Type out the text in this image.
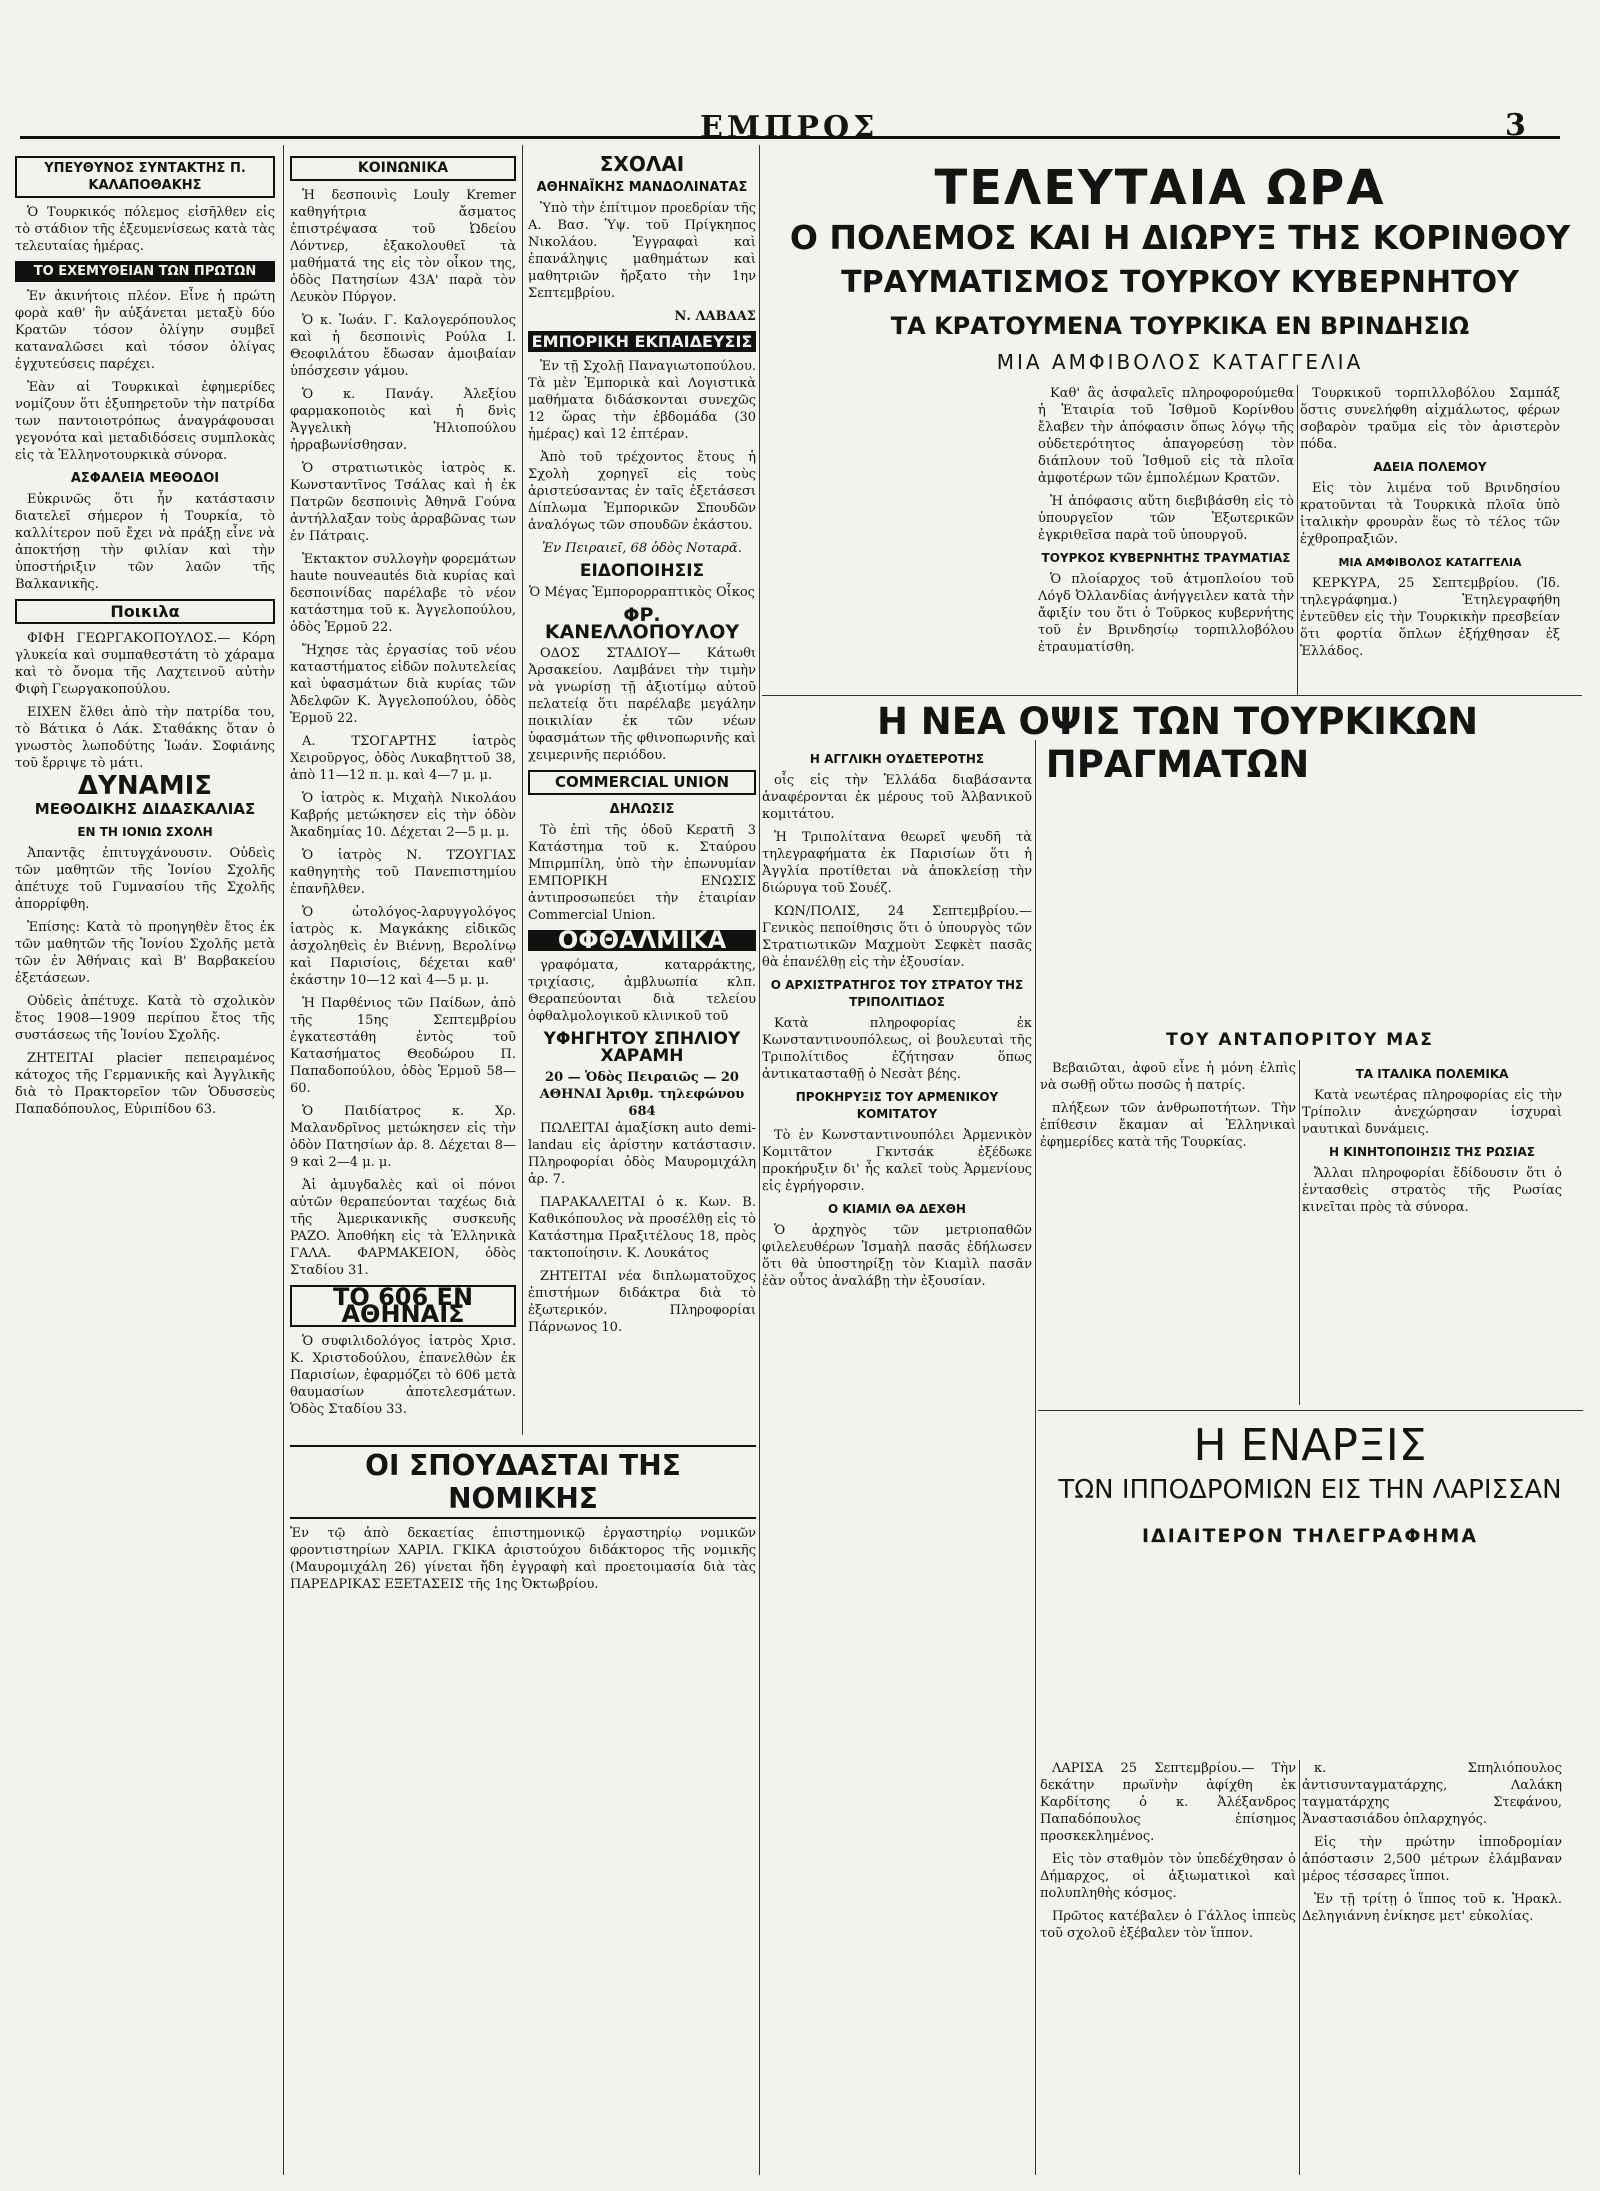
ΕΜΠΡΟΣ	3
ΥΠΕΥΘΥΝΟΣ ΣΥΝΤΑΚΤΗΣ Π. ΚΑΛΑΠΟΘΑΚΗΣ

Ὁ Τουρκικός πόλεμος εἰσῆλθεν εἰς τὸ στάδιον τῆς ἐξευμενίσεως κατὰ τὰς τελευταίας ἡμέρας.

ΤΟ ΕΧΕΜΥΘΕΙΑΝ ΤΩΝ ΠΡΩΤΩΝ

Ἐν ἀκινήτοις πλέον. Εἶνε ἡ πρώτη φορὰ καθ' ἣν αὐξάνεται μεταξὺ δύο Κρατῶν τόσον ὀλίγην συμβεῖ καταναλῶσει καὶ τόσον ὀλίγας ἐγχυτεύσεις παρέχει.

Ἐὰν αἱ Τουρκικαὶ ἐφημερίδες νομίζουν ὅτι ἐξυπηρετοῦν τὴν πατρίδα των παντοιοτρόπως ἀναγράφουσαι γεγονότα καὶ μεταδιδόσεις συμπλοκὰς εἰς τὰ Ἑλληνοτουρκικὰ σύνορα.

ΑΣΦΑΛΕΙΑ ΜΕΘΟΔΟΙ

Εὐκρινῶς ὅτι ἦν κατάστασιν διατελεῖ σήμερον ἡ Τουρκία, τὸ καλλίτερον ποῦ ἔχει νὰ πράξῃ εἶνε νὰ ἀποκτήσῃ τὴν φιλίαν καὶ τὴν ὑποστήριξιν τῶν λαῶν τῆς Βαλκανικῆς.

Ποικιλα

ΦΙΦΗ ΓΕΩΡΓΑΚΟΠΟΥΛΟΣ.— Κόρη γλυκεία καὶ συμπαθεστάτη τὸ χάραμα καὶ τὸ ὄνομα τῆς Λαχτεινοῦ αὐτὴν Φιφὴ Γεωργακοπούλου.

ΕΙΧΕΝ ἔλθει ἀπὸ τὴν πατρίδα του, τὸ Βάτικα ὁ Λάκ. Σταθάκης ὅταν ὁ γνωστὸς λωποδύτης Ἰωάν. Σοφιάνης τοῦ ἔρριψε τὸ μάτι.

ΔΥΝΑΜΙΣ
ΜΕΘΟΔΙΚΗΣ ΔΙΔΑΣΚΑΛΙΑΣ
ΕΝ ΤΗ ΙΟΝΙΩ ΣΧΟΛΗ

Ἀπαντᾷς ἐπιτυγχάνουσιν. Οὐδεὶς τῶν μαθητῶν τῆς Ἰονίου Σχολῆς ἀπέτυχε τοῦ Γυμνασίου τῆς Σχολῆς ἀπορρίφθη.

Ἐπίσης: Κατὰ τὸ προηγηθὲν ἔτος ἐκ τῶν μαθητῶν τῆς Ἰονίου Σχολῆς μετὰ τῶν ἐν Ἀθήναις καὶ Β' Βαρβακείου ἐξετάσεων.

Οὐδεὶς ἀπέτυχε. Κατὰ τὸ σχολικὸν ἔτος 1908—1909 περίπου ἔτος τῆς συστάσεως τῆς Ἰονίου Σχολῆς.

ΖΗΤΕΙΤΑΙ placier πεπειραμένος κάτοχος τῆς Γερμανικῆς καὶ Ἀγγλικῆς διὰ τὸ Πρακτορεῖον τῶν Ὁδυσσεὺς Παπαδόπουλος, Εὐριπίδου 63.

ΚΟΙΝΩΝΙΚΑ

Ἡ δεσποινὶς Louly Kremer καθηγήτρια ἄσματος ἐπιστρέψασα τοῦ Ὠδείου Λόντνερ, ἐξακολουθεῖ τὰ μαθήματά της εἰς τὸν οἶκον της, ὁδὸς Πατησίων 43Α' παρὰ τὸν Λευκὸν Πύργον.

Ὁ κ. Ἰωάν. Γ. Καλογερόπουλος καὶ ἡ δεσποινὶς Ρούλα Ι. Θεοφιλάτου ἔδωσαν ἀμοιβαίαν ὑπόσχεσιν γάμου.

Ὁ κ. Πανάγ. Ἀλεξίου φαρμακοποιὸς καὶ ἡ δνὶς Ἀγγελικὴ Ἠλιοπούλου ἠρραβωνίσθησαν.

Ὁ στρατιωτικὸς ἰατρὸς κ. Κωνσταντῖνος Τσάλας καὶ ἡ ἐκ Πατρῶν δεσποινὶς Ἀθηνᾶ Γούνα ἀντήλλαξαν τοὺς ἀρραβῶνας των ἐν Πάτραις.

Ἐκτακτον συλλογὴν φορεμάτων haute nouveautés διὰ κυρίας καὶ δεσποινίδας παρέλαβε τὸ νέον κατάστημα τοῦ κ. Ἀγγελοπούλου, ὁδὸς Ἑρμοῦ 22.

Ἤχησε τὰς ἐργασίας τοῦ νέου καταστήματος εἰδῶν πολυτελείας καὶ ὑφασμάτων διὰ κυρίας τῶν Ἀδελφῶν Κ. Ἀγγελοπούλου, ὁδὸς Ἑρμοῦ 22.

Α. ΤΣΟΓΑΡΤΗΣ ἰατρὸς Χειροῦργος, ὁδὸς Λυκαβηττοῦ 38, ἀπὸ 11—12 π. μ. καὶ 4—7 μ. μ.

Ὁ ἰατρὸς κ. Μιχαὴλ Νικολάου Καβρής μετώκησεν εἰς τὴν ὁδὸν Ἀκαδημίας 10. Δέχεται 2—5 μ. μ.

Ὁ ἰατρὸς Ν. ΤΖΟΥΓΙΑΣ καθηγητὴς τοῦ Πανεπιστημίου ἐπανῆλθεν.

Ὁ ὠτολόγος-λαρυγγολόγος ἰατρὸς κ. Μαγκάκης εἰδικῶς ἀσχοληθεὶς ἐν Βιέννῃ, Βερολίνῳ καὶ Παρισίοις, δέχεται καθ' ἑκάστην 10—12 καὶ 4—5 μ. μ.

Ἡ Παρθένιος τῶν Παίδων, ἀπὸ τῆς 15ης Σεπτεμβρίου ἐγκατεστάθη ἐντὸς τοῦ Κατασήματος Θεοδώρου Π. Παπαδοπούλου, ὁδὸς Ἑρμοῦ 58—60.

Ὁ Παιδίατρος κ. Χρ. Μαλανδρῖνος μετώκησεν εἰς τὴν ὁδὸν Πατησίων ἀρ. 8. Δέχεται 8—9 καὶ 2—4 μ. μ.

Ἀἱ ἀμυγδαλὲς καὶ οἱ πόνοι αὐτῶν θεραπεύονται ταχέως διὰ τῆς Ἀμερικανικῆς συσκευῆς PAZO. Ἀποθήκη εἰς τὰ Ἐλληνικὰ ΓΑΛΑ. ΦΑΡΜΑΚΕΙΟΝ, ὁδὸς Σταδίου 31.

ΤΟ 606 ΕΝ ΑΘΗΝΑΙΣ

Ὁ συφιλιδολόγος ἰατρὸς Χρισ. Κ. Χριστοδούλου, ἐπανελθὼν ἐκ Παρισίων, ἐφαρμόζει τὸ 606 μετὰ θαυμασίων ἀποτελεσμάτων. Ὁδὸς Σταδίου 33.

ΣΧΟΛΑΙ
ΑΘΗΝΑΪΚΗΣ ΜΑΝΔΟΛΙΝΑΤΑΣ

Ὑπὸ τὴν ἐπίτιμον προεδρίαν τῆς Α. Βασ. Ὑψ. τοῦ Πρίγκηπος Νικολάου. Ἐγγραφαὶ καὶ ἐπανάληψις μαθημάτων καὶ μαθητριῶν ἤρξατο τὴν 1ην Σεπτεμβρίου.

Ν. ΛΑΒΔΑΣ
ΕΜΠΟΡΙΚΗ ΕΚΠΑΙΔΕΥΣΙΣ

Ἐν τῇ Σχολῇ Παναγιωτοπούλου. Τὰ μὲν Ἐμπορικὰ καὶ Λογιστικὰ μαθήματα διδάσκονται συνεχῶς 12 ὥρας τὴν ἑβδομάδα (30 ἡμέρας) καὶ 12 ἐπτέραν.

Ἀπὸ τοῦ τρέχοντος ἔτους ἡ Σχολὴ χορηγεῖ εἰς τοὺς ἀριστεύσαντας ἐν ταῖς ἐξετάσεσι Δίπλωμα Ἐμπορικῶν Σπουδῶν ἀναλόγως τῶν σπουδῶν ἐκάστου.

Ἐν Πειραιεῖ, 68 ὁδὸς Νοταρᾶ.
ΕΙΔΟΠΟΙΗΣΙΣ
Ὁ Μέγας Ἐμπορορραπτικὸς Οἶκος
ΦΡ. ΚΑΝΕΛΛΟΠΟΥΛΟΥ

ΟΔΟΣ ΣΤΑΔΙΟΥ— Κάτωθι Ἀρσακείου. Λαμβάνει τὴν τιμὴν νὰ γνωρίσῃ τῇ ἀξιοτίμῳ αὐτοῦ πελατείᾳ ὅτι παρέλαβε μεγάλην ποικιλίαν ἐκ τῶν νέων ὑφασμάτων τῆς φθινοπωρινῆς καὶ χειμερινῆς περιόδου.

COMMERCIAL UNION
ΔΗΛΩΣΙΣ

Τὸ ἐπὶ τῆς ὁδοῦ Κερατῆ 3 Κατάστημα τοῦ κ. Σταύρου Μπιρμπίλη, ὑπὸ τὴν ἐπωνυμίαν ΕΜΠΟΡΙΚΗ ΕΝΩΣΙΣ ἀντιπροσωπεύει τὴν ἑταιρίαν Commercial Union.

ΟΦΘΑΛΜΙΚΑ

γραφόματα, καταρράκτης, τριχίασις, ἀμβλυωπία κλπ. Θεραπεύονται διὰ τελείου ὀφθαλμολογικοῦ κλινικοῦ τοῦ

ΥΦΗΓΗΤΟΥ ΣΠΗΛΙΟΥ ΧΑΡΑΜΗ
20 — Ὁδὸς Πειραιῶς — 20 ΑΘΗΝΑΙ Ἀριθμ. τηλεφώνου 684

ΠΩΛΕΙΤΑΙ ἀμαξίσκη auto demi-landau εἰς ἀρίστην κατάστασιν. Πληροφορίαι ὁδὸς Μαυρομιχάλη ἀρ. 7.

ΠΑΡΑΚΑΛΕΙΤΑΙ ὁ κ. Κων. Β. Καθικόπουλος νὰ προσέλθῃ εἰς τὸ Κατάστημα Πραξιτέλους 18, πρὸς τακτοποίησιν. Κ. Λουκάτος

ΖΗΤΕΙΤΑΙ νέα διπλωματοῦχος ἐπιστήμων διδάκτρα διὰ τὸ ἐξωτερικόν. Πληροφορίαι Πάρνωνος 10.

ΟΙ ΣΠΟΥΔΑΣΤΑΙ ΤΗΣ ΝΟΜΙΚΗΣ
Ἐν τῷ ἀπὸ δεκαετίας ἐπιστημονικῷ ἐργαστηρίῳ νομικῶν φροντιστηρίων ΧΑΡΙΛ. ΓΚΙΚΑ ἀριστούχου διδάκτορος τῆς νομικῆς (Μαυρομιχάλη 26) γίνεται ἤδη ἐγγραφὴ καὶ προετοιμασία διὰ τὰς ΠΑΡΕΔΡΙΚΑΣ ΕΞΕΤΑΣΕΙΣ τῆς 1ης Ὀκτωβρίου.
ΤΕΛΕΥΤΑΙΑ ΩΡΑ
Ο ΠΟΛΕΜΟΣ ΚΑΙ Η ΔΙΩΡΥΞ ΤΗΣ ΚΟΡΙΝΘΟΥ
ΤΡΑΥΜΑΤΙΣΜΟΣ ΤΟΥΡΚΟΥ ΚΥΒΕΡΝΗΤΟΥ
ΤΑ ΚΡΑΤΟΥΜΕΝΑ ΤΟΥΡΚΙΚΑ ΕΝ ΒΡΙΝΔΗΣΙΩ
ΜΙΑ ΑΜΦΙΒΟΛΟΣ ΚΑΤΑΓΓΕΛΙΑ

Καθ' ἃς ἀσφαλεῖς πληροφορούμεθα ἡ Ἑταιρία τοῦ Ἰσθμοῦ Κορίνθου ἔλαβεν τὴν ἀπόφασιν ὅπως λόγῳ τῆς οὐδετερότητος ἀπαγορεύσῃ τὸν διάπλουν τοῦ Ἰσθμοῦ εἰς τὰ πλοῖα ἀμφοτέρων τῶν ἐμπολέμων Κρατῶν.

Ἡ ἀπόφασις αὕτη διεβιβάσθη εἰς τὸ ὑπουργεῖον τῶν Ἐξωτερικῶν ἐγκριθεῖσα παρὰ τοῦ ὑπουργοῦ.

ΤΟΥΡΚΟΣ ΚΥΒΕΡΝΗΤΗΣ ΤΡΑΥΜΑΤΙΑΣ

Ὁ πλοίαρχος τοῦ ἀτμοπλοίου τοῦ Λόγδ Ὀλλανδίας ἀνήγγειλεν κατὰ τὴν ἄφιξίν του ὅτι ὁ Τοῦρκος κυβερνήτης τοῦ ἐν Βρινδησίῳ τορπιλλοβόλου ἐτραυματίσθη.

Τουρκικοῦ τορπιλλοβόλου Σαμπάξ ὅστις συνελήφθη αἰχμάλωτος, φέρων σοβαρὸν τραῦμα εἰς τὸν ἀριστερὸν πόδα.

ΑΔΕΙΑ ΠΟΛΕΜΟΥ

Εἰς τὸν λιμένα τοῦ Βρινδησίου κρατοῦνται τὰ Τουρκικὰ πλοῖα ὑπὸ ἰταλικὴν φρουρὰν ἕως τὸ τέλος τῶν ἐχθροπραξιῶν.

ΜΙΑ ΑΜΦΙΒΟΛΟΣ ΚΑΤΑΓΓΕΛΙΑ

ΚΕΡΚΥΡΑ, 25 Σεπτεμβρίου. (Ἰδ. τηλεγράφημα.) Ἐτηλεγραφήθη ἐντεῦθεν εἰς τὴν Τουρκικὴν πρεσβείαν ὅτι φορτία ὅπλων ἐξήχθησαν ἐξ Ἑλλάδος.

Η ΝΕΑ ΟΨΙΣ ΤΩΝ ΤΟΥΡΚΙΚΩΝ ΠΡΑΓΜΑΤΩΝ
ΤΟΥ ΑΝΤΑΠΟΡΙΤΟΥ ΜΑΣ
Η ΑΓΓΛΙΚΗ ΟΥΔΕΤΕΡΟΤΗΣ

οἷς εἰς τὴν Ἑλλάδα διαβάσαντα ἀναφέρονται ἐκ μέρους τοῦ Ἀλβανικοῦ κομιτάτου.

Ἡ Τριπολίτανα θεωρεῖ ψευδῆ τὰ τηλεγραφήματα ἐκ Παρισίων ὅτι ἡ Ἀγγλία προτίθεται νὰ ἀποκλείσῃ τὴν διώρυγα τοῦ Σουέζ.

ΚΩΝ/ΠΟΛΙΣ, 24 Σεπτεμβρίου.— Γενικὸς πεποίθησις ὅτι ὁ ὑπουργὸς τῶν Στρατιωτικῶν Μαχμοὺτ Σεφκὲτ πασᾶς θὰ ἐπανέλθῃ εἰς τὴν ἐξουσίαν.

Ο ΑΡΧΙΣΤΡΑΤΗΓΟΣ ΤΟΥ ΣΤΡΑΤΟΥ ΤΗΣ ΤΡΙΠΟΛΙΤΙΔΟΣ

Κατὰ πληροφορίας ἐκ Κωνσταντινουπόλεως, οἱ βουλευταὶ τῆς Τριπολίτιδος ἐζήτησαν ὅπως ἀντικατασταθῇ ὁ Νεσὰτ βέης.

ΠΡΟΚΗΡΥΞΙΣ ΤΟΥ ΑΡΜΕΝΙΚΟΥ ΚΟΜΙΤΑΤΟΥ

Τὸ ἐν Κωνσταντινουπόλει Ἀρμενικὸν Κομιτᾶτον Γκντσάκ ἐξέδωκε προκήρυξιν δι' ἧς καλεῖ τοὺς Ἀρμενίους εἰς ἐγρήγορσιν.

Ο ΚΙΑΜΙΛ ΘΑ ΔΕΧΘΗ

Ὁ ἀρχηγὸς τῶν μετριοπαθῶν φιλελευθέρων Ἰσμαὴλ πασᾶς ἐδήλωσεν ὅτι θὰ ὑποστηρίξῃ τὸν Κιαμὶλ πασᾶν ἐὰν οὗτος ἀναλάβῃ τὴν ἐξουσίαν.

Βεβαιῶται, ἀφοῦ εἶνε ἡ μόνη ἐλπὶς νὰ σωθῇ οὕτω ποσῶς ἡ πατρίς.

πλήξεων τῶν ἀνθρωποτήτων. Τὴν ἐπίθεσιν ἔκαμαν αἱ Ἑλληνικαὶ ἐφημερίδες κατὰ τῆς Τουρκίας.

ΤΑ ΙΤΑΛΙΚΑ ΠΟΛΕΜΙΚΑ

Κατὰ νεωτέρας πληροφορίας εἰς τὴν Τρίπολιν ἀνεχώρησαν ἰσχυραὶ ναυτικαὶ δυνάμεις.

Η ΚΙΝΗΤΟΠΟΙΗΣΙΣ ΤΗΣ ΡΩΣΙΑΣ

Ἄλλαι πληροφορίαι ἔδίδουσιν ὅτι ὁ ἐντασθεὶς στρατὸς τῆς Ρωσίας κινεῖται πρὸς τὰ σύνορα.

Η ΕΝΑΡΞΙΣ
ΤΩΝ ΙΠΠΟΔΡΟΜΙΩΝ ΕΙΣ ΤΗΝ ΛΑΡΙΣΣΑΝ
ΙΔΙΑΙΤΕΡΟΝ ΤΗΛΕΓΡΑΦΗΜΑ

ΛΑΡΙΣΑ 25 Σεπτεμβρίου.— Τὴν δεκάτην πρωϊνὴν ἀφίχθη ἐκ Καρδίτσης ὁ κ. Ἀλέξανδρος Παπαδόπουλος ἐπίσημος προσκεκλημένος.

Εἰς τὸν σταθμὸν τὸν ὑπεδέχθησαν ὁ Δήμαρχος, οἱ ἀξιωματικοὶ καὶ πολυπληθὴς κόσμος.

Πρῶτος κατέβαλεν ὁ Γάλλος ἱππεὺς τοῦ σχολοῦ ἐξέβαλεν τὸν ἵππον.

κ. Σπηλιόπουλος ἀντισυνταγματάρχης, Λαλάκη ταγματάρχης Στεφάνου, Ἀναστασιάδου ὁπλαρχηγός.

Εἰς τὴν πρώτην ἱπποδρομίαν ἀπόστασιν 2,500 μέτρων ἐλάμβαναν μέρος τέσσαρες ἵπποι.

Ἐν τῇ τρίτῃ ὁ ἵππος τοῦ κ. Ἠρακλ. Δεληγιάννη ἐνίκησε μετ' εὐκολίας.
